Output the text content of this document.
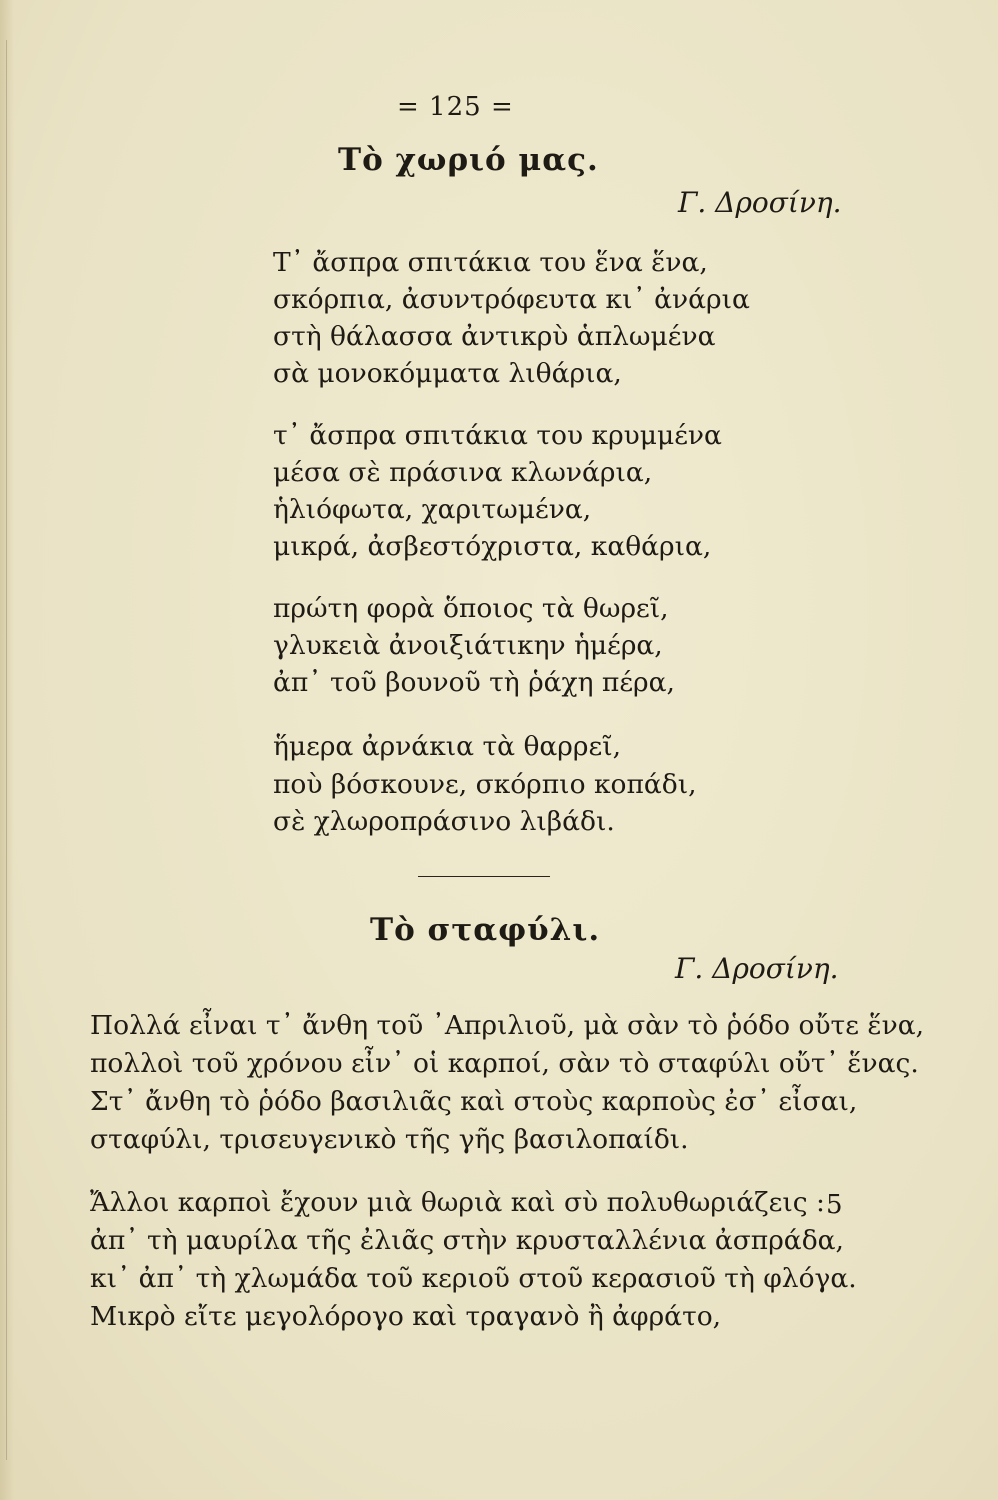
= 125 =
Τὸ χωριό μας.
Γ. Δροσίνη.
Τ᾿ ἄσπρα σπιτάκια του ἕνα ἕνα,
σκόρπια, ἀσυντρόφευτα κι᾿ ἀνάρια
στὴ θάλασσα ἀντικρὺ ἁπλωμένα
σὰ μονοκόμματα λιθάρια,
τ᾿ ἄσπρα σπιτάκια του κρυμμένα
μέσα σὲ πράσινα κλωνάρια,
ἡλιόφωτα, χαριτωμένα,
μικρά, ἀσβεστόχριστα, καθάρια,
πρώτη φορὰ ὅποιος τὰ θωρεῖ,
γλυκειὰ ἀνοιξιάτικην ἡμέρα,
ἀπ᾿ τοῦ βουνοῦ τὴ ῥάχη πέρα,
ἥμερα ἀρνάκια τὰ θαρρεῖ,
ποὺ βόσκουνε, σκόρπιο κοπάδι,
σὲ χλωροπράσινο λιβάδι.
Τὸ σταφύλι.
Γ. Δροσίνη.
Πολλά εἶναι τ᾿ ἄνθη τοῦ ᾿Απριλιοῦ, μὰ σὰν τὸ ῥόδο οὔτε ἕνα,
πολλοὶ τοῦ χρόνου εἶν᾿ οἱ καρποί, σὰν τὸ σταφύλι οὔτ᾿ ἕνας.
Στ᾿ ἄνθη τὸ ῥόδο βασιλιᾶς καὶ στοὺς καρποὺς ἐσ᾿ εἶσαι,
σταφύλι, τρισευγενικὸ τῆς γῆς βασιλοπαίδι.
Ἄλλοι καρποὶ ἔχουν μιὰ θωριὰ καὶ σὺ πολυθωριάζεις : 5
ἀπ᾿ τὴ μαυρίλα τῆς ἐλιᾶς στὴν κρυσταλλένια ἀσπράδα,
κι᾿ ἀπ᾿ τὴ χλωμάδα τοῦ κεριοῦ στοῦ κερασιοῦ τὴ φλόγα.
Μικρὸ εἴτε μεγολόρογο καὶ τραγανὸ ἢ ἀφράτο,
